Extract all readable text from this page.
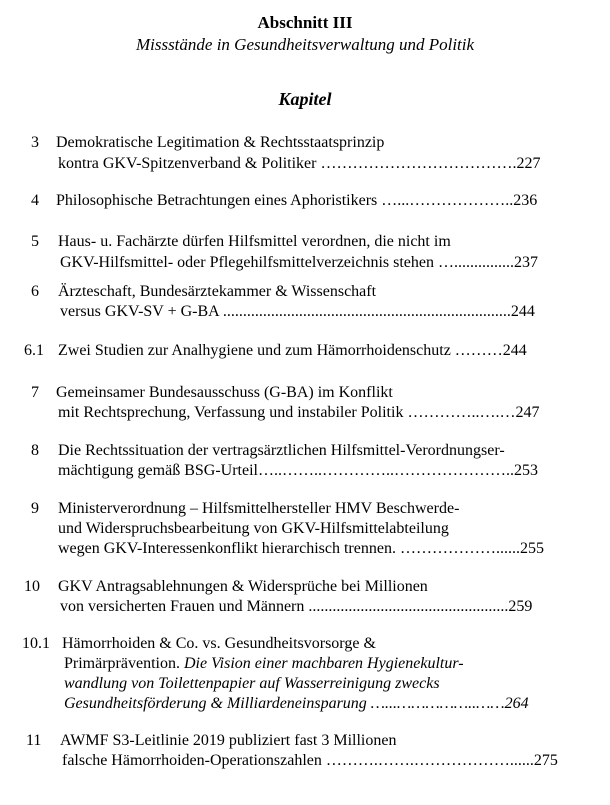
Abschnitt III
Missstände in Gesundheitsverwaltung und Politik
Kapitel
3 Demokratische Legitimation & Rechtsstaatsprinzip
kontra GKV-Spitzenverband & Politiker ……………………………….227
4 Philosophische Betrachtungen eines Aphoristikers …...………………..236
5 Haus- u. Fachärzte dürfen Hilfsmittel verordnen, die nicht im
GKV-Hilfsmittel- oder Pflegehilfsmittelverzeichnis stehen …...............237
6 Ärzteschaft, Bundesärztekammer & Wissenschaft
versus GKV-SV + G-BA ........................................................................244
6.1 Zwei Studien zur Analhygiene und zum Hämorrhoidenschutz ………244
7 Gemeinsamer Bundesausschuss (G-BA) im Konflikt
mit Rechtsprechung, Verfassung und instabiler Politik …………..….…247
8 Die Rechtssituation der vertragsärztlichen Hilfsmittel-Verordnungser-
mächtigung gemäß BSG-Urteil…..……..…………..…………………..253
9 Ministerverordnung – Hilfsmittelhersteller HMV Beschwerde-
und Widerspruchsbearbeitung von GKV-Hilfsmittelabteilung
wegen GKV-Interessenkonflikt hierarchisch trennen. ………………......255
10 GKV Antragsablehnungen & Widersprüche bei Millionen
von versicherten Frauen und Männern ..................................................259
10.1 Hämorrhoiden & Co. vs. Gesundheitsvorsorge &
Primärprävention. Die Vision einer machbaren Hygienekultur-
wandlung von Toilettenpapier auf Wasserreinigung zwecks
Gesundheitsförderung & Milliardeneinsparung …...……………..……264
11 AWMF S3-Leitlinie 2019 publiziert fast 3 Millionen
falsche Hämorrhoiden-Operationszahlen ……….…….………………......275
